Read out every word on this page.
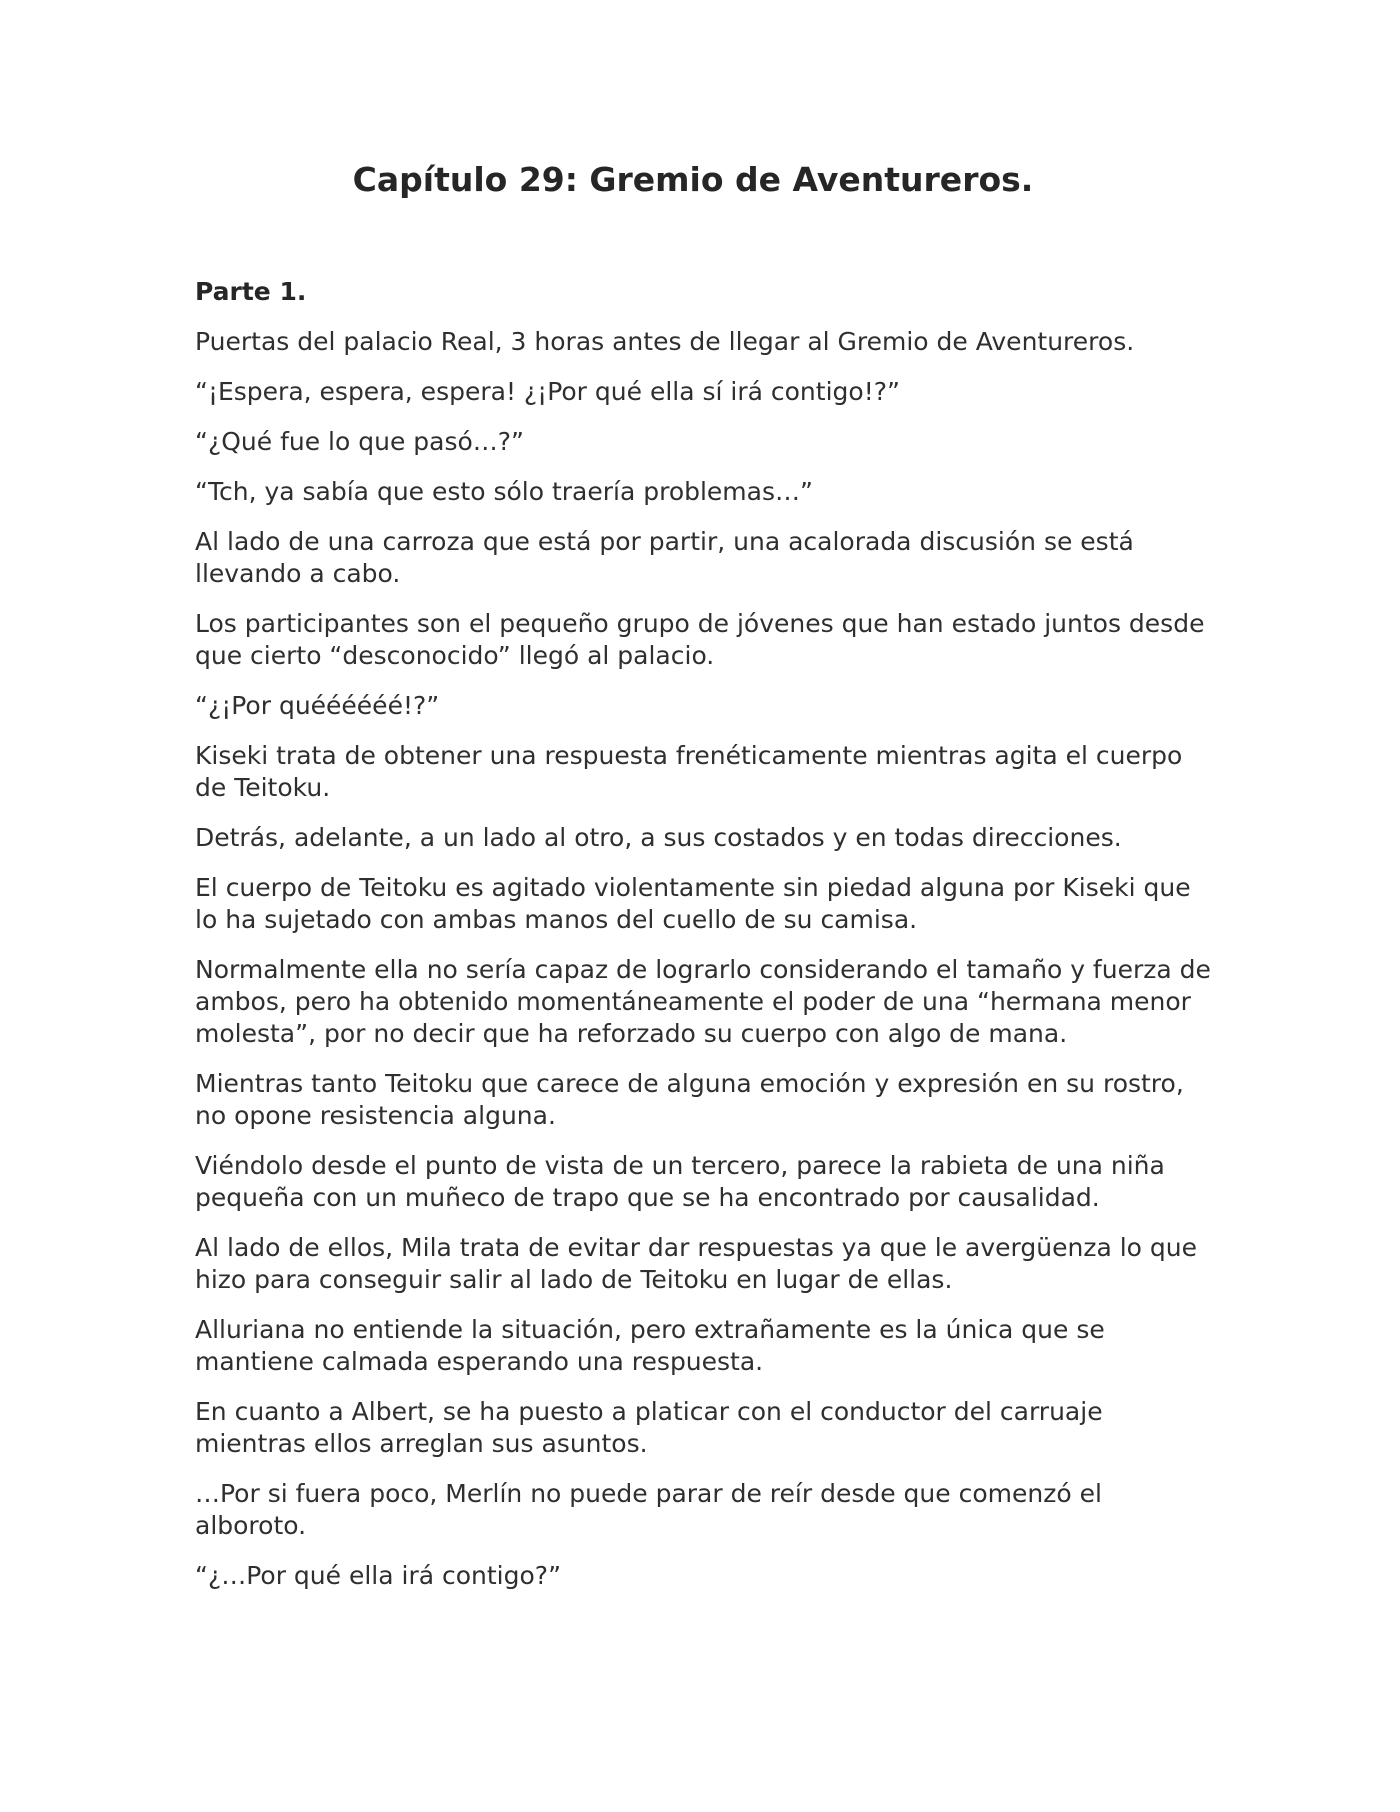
Capítulo 29: Gremio de Aventureros.
Parte 1.

Puertas del palacio Real, 3 horas antes de llegar al Gremio de Aventureros.

“¡Espera, espera, espera! ¿¡Por qué ella sí irá contigo!?”

“¿Qué fue lo que pasó…?”

“Tch, ya sabía que esto sólo traería problemas…”

Al lado de una carroza que está por partir, una acalorada discusión se está llevando a cabo.

Los participantes son el pequeño grupo de jóvenes que han estado juntos desde que cierto “desconocido” llegó al palacio.

“¿¡Por quéééééé!?”

Kiseki trata de obtener una respuesta frenéticamente mientras agita el cuerpo de Teitoku.

Detrás, adelante, a un lado al otro, a sus costados y en todas direcciones.

El cuerpo de Teitoku es agitado violentamente sin piedad alguna por Kiseki que lo ha sujetado con ambas manos del cuello de su camisa.

Normalmente ella no sería capaz de lograrlo considerando el tamaño y fuerza de ambos, pero ha obtenido momentáneamente el poder de una “hermana menor molesta”, por no decir que ha reforzado su cuerpo con algo de mana.

Mientras tanto Teitoku que carece de alguna emoción y expresión en su rostro, no opone resistencia alguna.

Viéndolo desde el punto de vista de un tercero, parece la rabieta de una niña pequeña con un muñeco de trapo que se ha encontrado por causalidad.

Al lado de ellos, Mila trata de evitar dar respuestas ya que le avergüenza lo que hizo para conseguir salir al lado de Teitoku en lugar de ellas.

Alluriana no entiende la situación, pero extrañamente es la única que se mantiene calmada esperando una respuesta.

En cuanto a Albert, se ha puesto a platicar con el conductor del carruaje mientras ellos arreglan sus asuntos.

…Por si fuera poco, Merlín no puede parar de reír desde que comenzó el alboroto.

“¿…Por qué ella irá contigo?”
